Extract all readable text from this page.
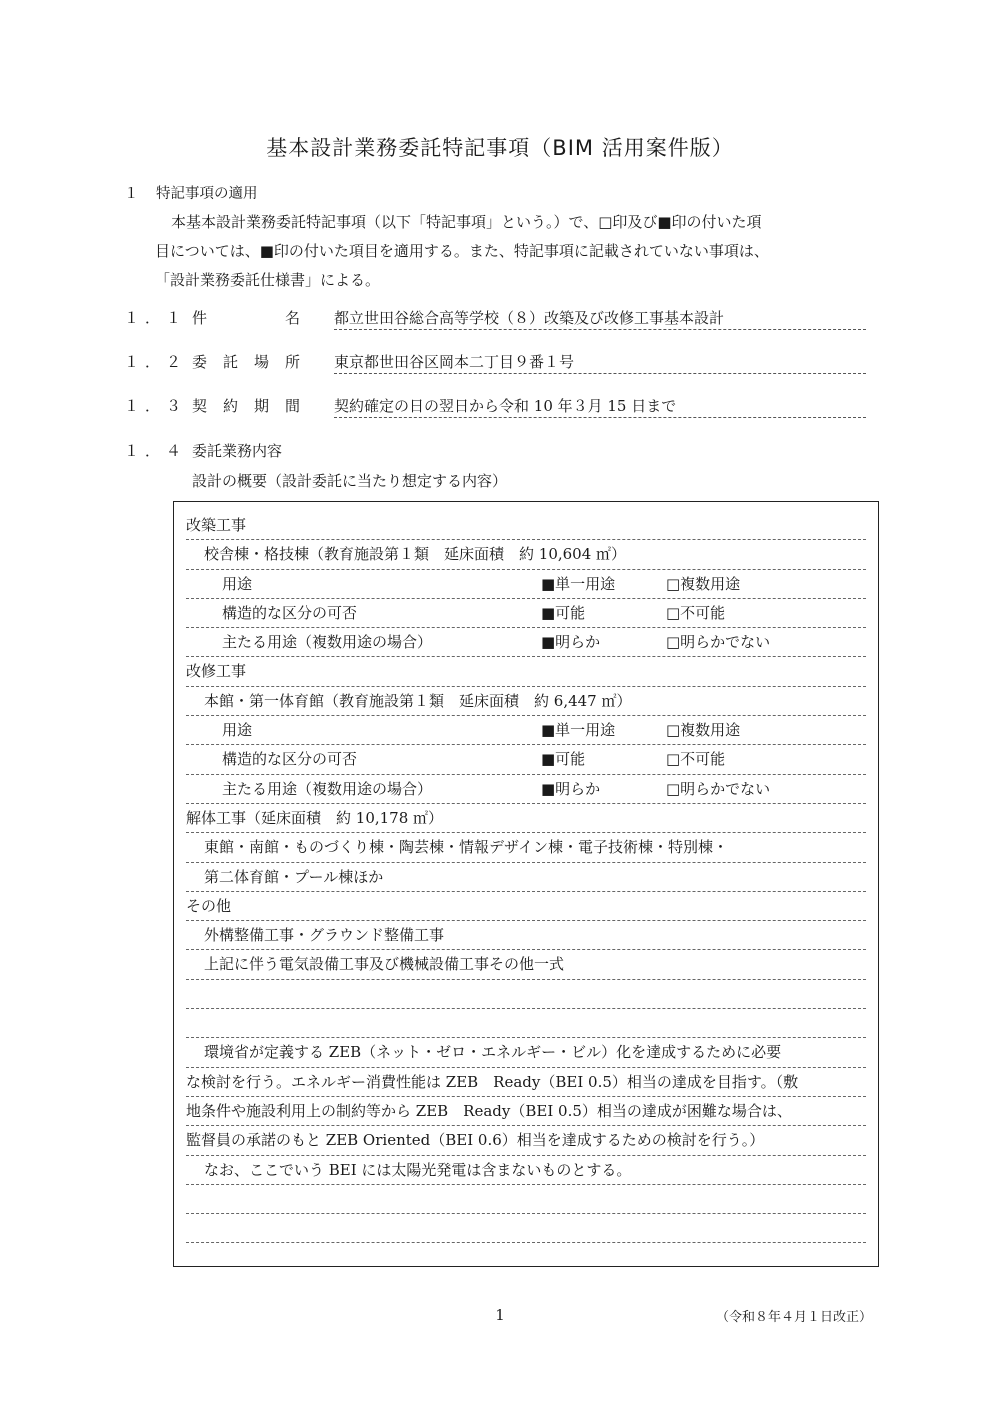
基本設計業務委託特記事項（BIM 活用案件版）
１ 特記事項の適用
本基本設計業務委託特記事項（以下「特記事項」という。）で、□印及び■印の付いた項
目については、■印の付いた項目を適用する。また、特記事項に記載されていない事項は、
「設計業務委託仕様書」による。
１．１ 件	名 都立世田谷総合高等学校（８）改築及び改修工事基本設計
１．２ 委 託 場 所 東京都世田谷区岡本二丁目９番１号
１．３ 契 約 期 間 契約確定の日の翌日から令和 10 年３月 15 日まで
１．４ 委託業務内容
設計の概要（設計委託に当たり想定する内容）
改築工事
校舎棟・格技棟（教育施設第１類　延床面積　約 10,604 ㎡）
用途	■単一用途	□複数用途
構造的な区分の可否	■可能	□不可能
主たる用途（複数用途の場合）	■明らか	□明らかでない
改修工事
本館・第一体育館（教育施設第１類　延床面積　約 6,447 ㎡）
用途	■単一用途	□複数用途
構造的な区分の可否	■可能	□不可能
主たる用途（複数用途の場合）	■明らか	□明らかでない
解体工事（延床面積　約 10,178 ㎡）
東館・南館・ものづくり棟・陶芸棟・情報デザイン棟・電子技術棟・特別棟・
第二体育館・プール棟ほか
その他
外構整備工事・グラウンド整備工事
上記に伴う電気設備工事及び機械設備工事その他一式
環境省が定義する ZEB（ネット・ゼロ・エネルギー・ビル）化を達成するために必要
な検討を行う。エネルギー消費性能は ZEB　Ready（BEI 0.5）相当の達成を目指す。（敷
地条件や施設利用上の制約等から ZEB　Ready（BEI 0.5）相当の達成が困難な場合は、
監督員の承諾のもと ZEB Oriented（BEI 0.6）相当を達成するための検討を行う。）
なお、ここでいう BEI には太陽光発電は含まないものとする。
1	（令和８年４月１日改正）
